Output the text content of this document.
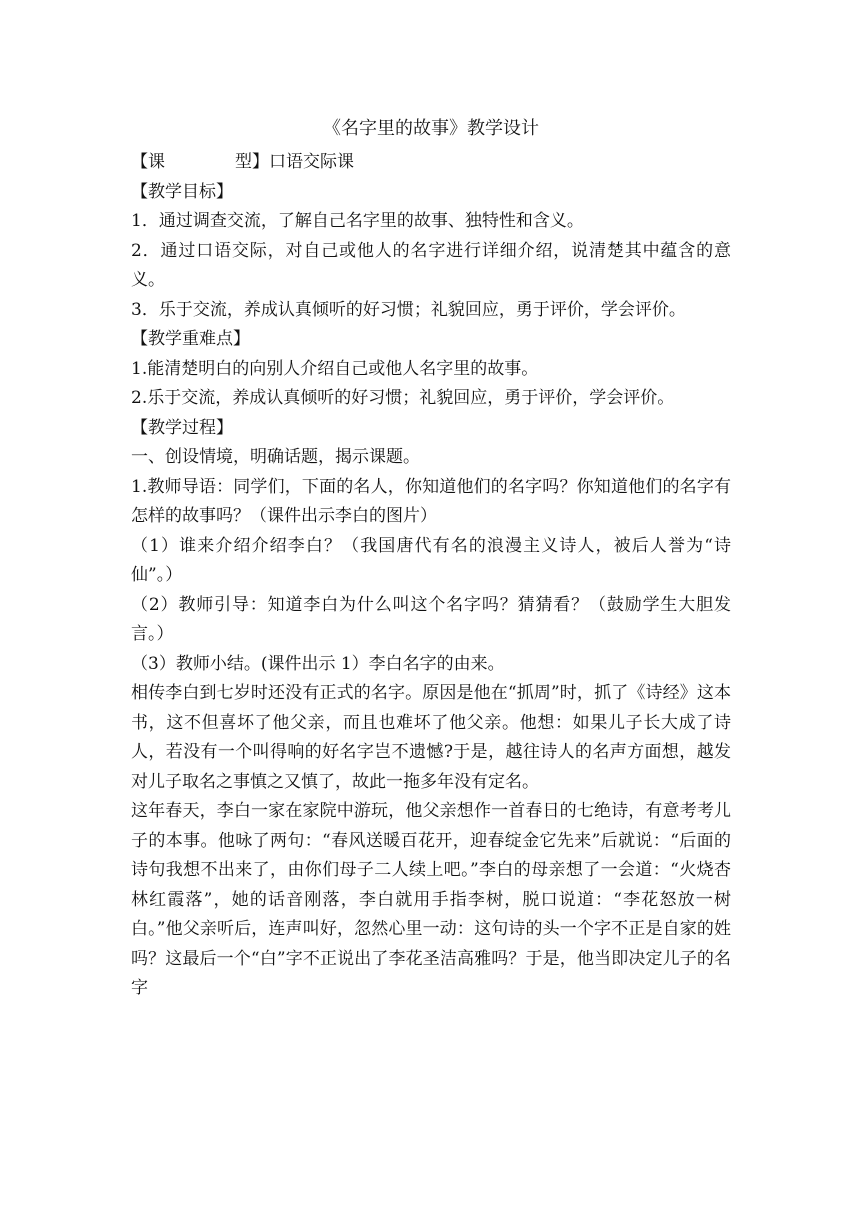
《名字里的故事》教学设计

【课	型】口语交际课

【教学目标】

1．通过调查交流，了解自己名字里的故事、独特性和含义。

2．通过口语交际，对自己或他人的名字进行详细介绍，说清楚其中蕴含的意义。

3．乐于交流，养成认真倾听的好习惯；礼貌回应，勇于评价，学会评价。

【教学重难点】

1.能清楚明白的向别人介绍自己或他人名字里的故事。

2.乐于交流，养成认真倾听的好习惯；礼貌回应，勇于评价，学会评价。

【教学过程】

一、创设情境，明确话题，揭示课题。

1.教师导语：同学们，下面的名人，你知道他们的名字吗？你知道他们的名字有怎样的故事吗？（课件出示李白的图片）

（1）谁来介绍介绍李白？（我国唐代有名的浪漫主义诗人，被后人誉为“诗仙”。）

（2）教师引导：知道李白为什么叫这个名字吗？猜猜看？（鼓励学生大胆发言。）

（3）教师小结。(课件出示 1）李白名字的由来。

相传李白到七岁时还没有正式的名字。原因是他在“抓周”时，抓了《诗经》这本书，这不但喜坏了他父亲，而且也难坏了他父亲。他想：如果儿子长大成了诗人，若没有一个叫得响的好名字岂不遗憾?于是，越往诗人的名声方面想，越发对儿子取名之事慎之又慎了，故此一拖多年没有定名。

这年春天，李白一家在家院中游玩，他父亲想作一首春日的七绝诗，有意考考儿子的本事。他咏了两句：“春风送暖百花开，迎春绽金它先来”后就说：“后面的诗句我想不出来了，由你们母子二人续上吧。”李白的母亲想了一会道：“火烧杏林红霞落”，她的话音刚落，李白就用手指李树，脱口说道：“李花怒放一树白。”他父亲听后，连声叫好，忽然心里一动：这句诗的头一个字不正是自家的姓吗？这最后一个“白”字不正说出了李花圣洁高雅吗？于是，他当即决定儿子的名字
